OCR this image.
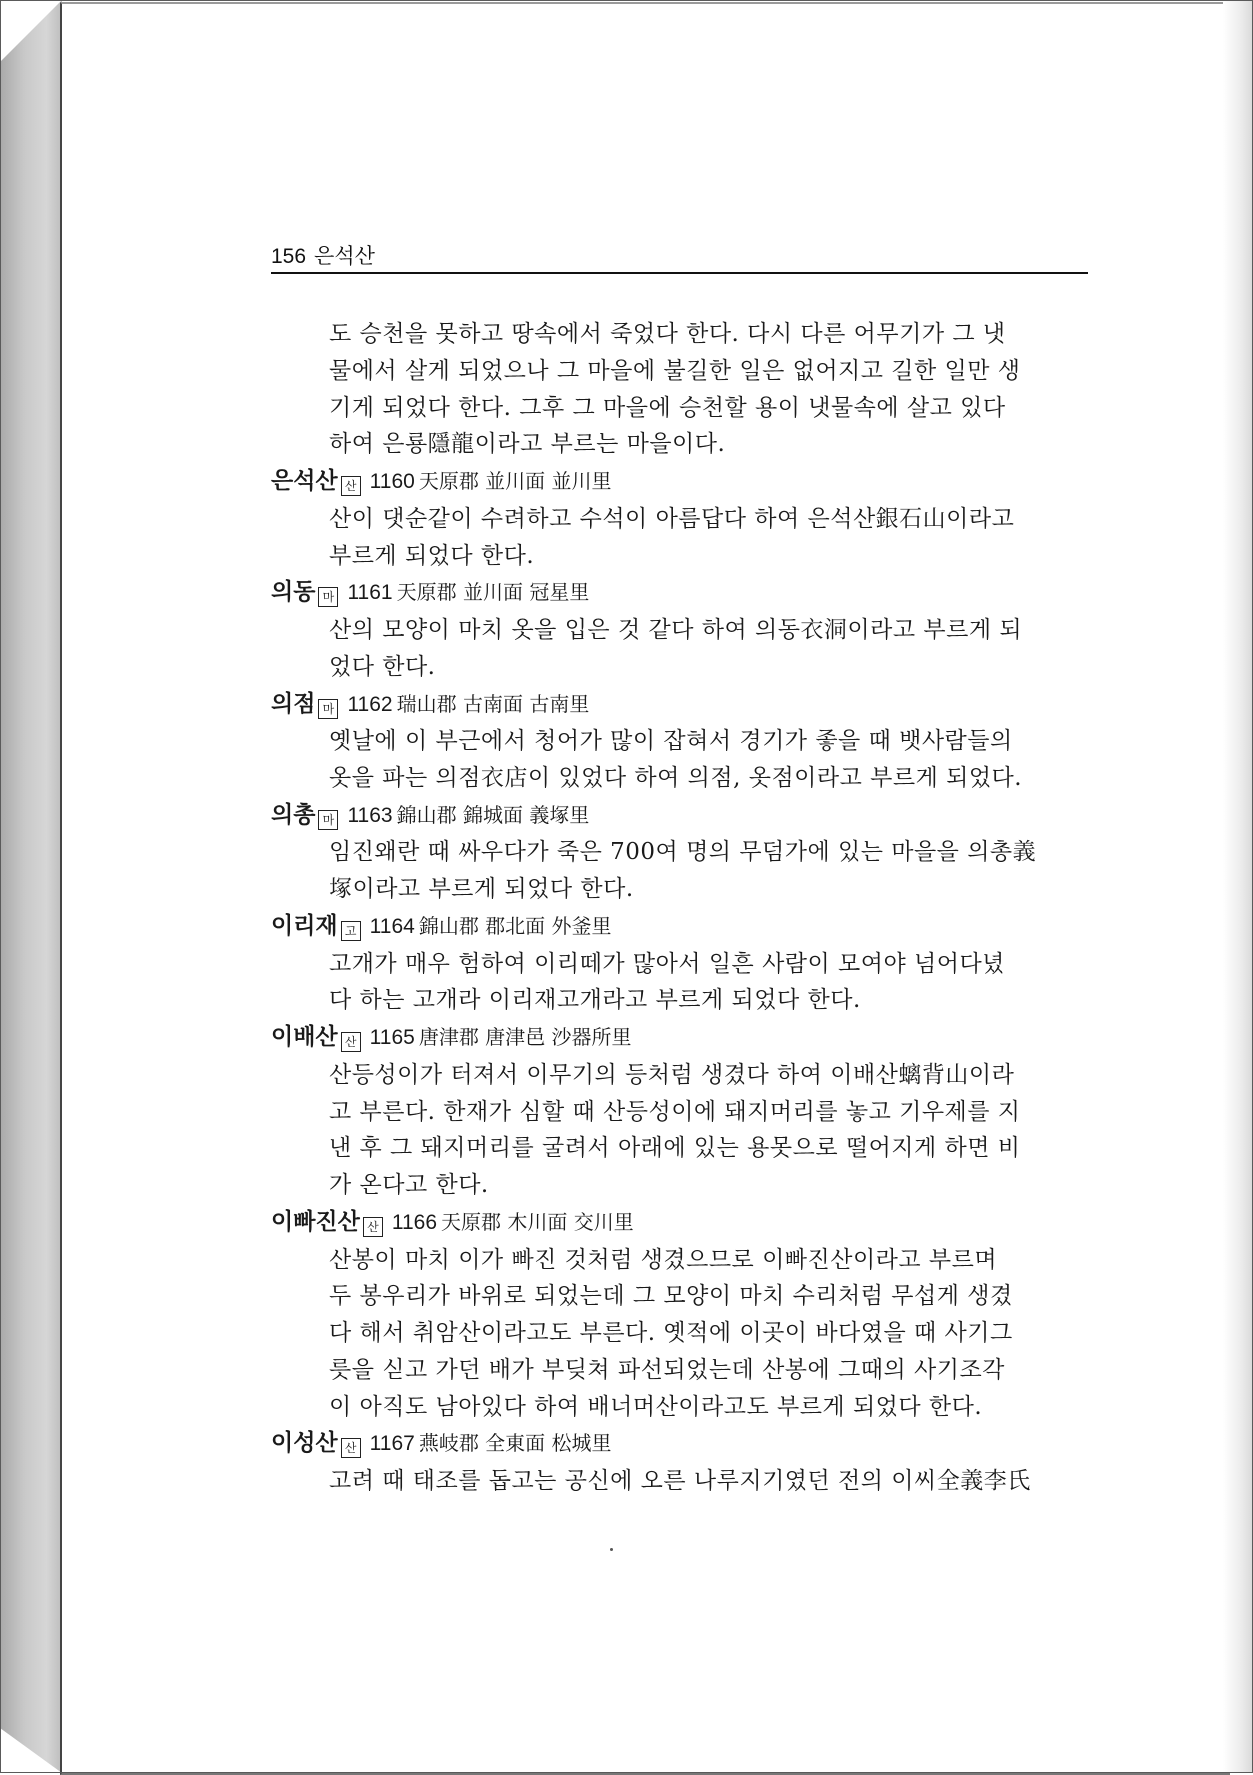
156 은석산
도 승천을 못하고 땅속에서 죽었다 한다. 다시 다른 어무기가 그 냇
물에서 살게 되었으나 그 마을에 불길한 일은 없어지고 길한 일만 생
기게 되었다 한다. 그후 그 마을에 승천할 용이 냇물속에 살고 있다
하여 은룡隱龍이라고 부르는 마을이다.
은석산 산 1160 天原郡 並川面 並川里
산이 댓순같이 수려하고 수석이 아름답다 하여 은석산銀石山이라고
부르게 되었다 한다.
의동 마 1161 天原郡 並川面 冠星里
산의 모양이 마치 옷을 입은 것 같다 하여 의동衣洞이라고 부르게 되
었다 한다.
의점 마 1162 瑞山郡 古南面 古南里
옛날에 이 부근에서 청어가 많이 잡혀서 경기가 좋을 때 뱃사람들의
옷을 파는 의점衣店이 있었다 하여 의점, 옷점이라고 부르게 되었다.
의총 마 1163 錦山郡 錦城面 義塚里
임진왜란 때 싸우다가 죽은 700여 명의 무덤가에 있는 마을을 의총義
塚이라고 부르게 되었다 한다.
이리재 고 1164 錦山郡 郡北面 外釜里
고개가 매우 험하여 이리떼가 많아서 일흔 사람이 모여야 넘어다녔
다 하는 고개라 이리재고개라고 부르게 되었다 한다.
이배산 산 1165 唐津郡 唐津邑 沙器所里
산등성이가 터져서 이무기의 등처럼 생겼다 하여 이배산螭背山이라
고 부른다. 한재가 심할 때 산등성이에 돼지머리를 놓고 기우제를 지
낸 후 그 돼지머리를 굴려서 아래에 있는 용못으로 떨어지게 하면 비
가 온다고 한다.
이빠진산 산 1166 天原郡 木川面 交川里
산봉이 마치 이가 빠진 것처럼 생겼으므로 이빠진산이라고 부르며
두 봉우리가 바위로 되었는데 그 모양이 마치 수리처럼 무섭게 생겼
다 해서 취암산이라고도 부른다. 옛적에 이곳이 바다였을 때 사기그
릇을 싣고 가던 배가 부딪쳐 파선되었는데 산봉에 그때의 사기조각
이 아직도 남아있다 하여 배너머산이라고도 부르게 되었다 한다.
이성산 산 1167 燕岐郡 全東面 松城里
고려 때 태조를 돕고는 공신에 오른 나루지기였던 전의 이씨全義李氏
